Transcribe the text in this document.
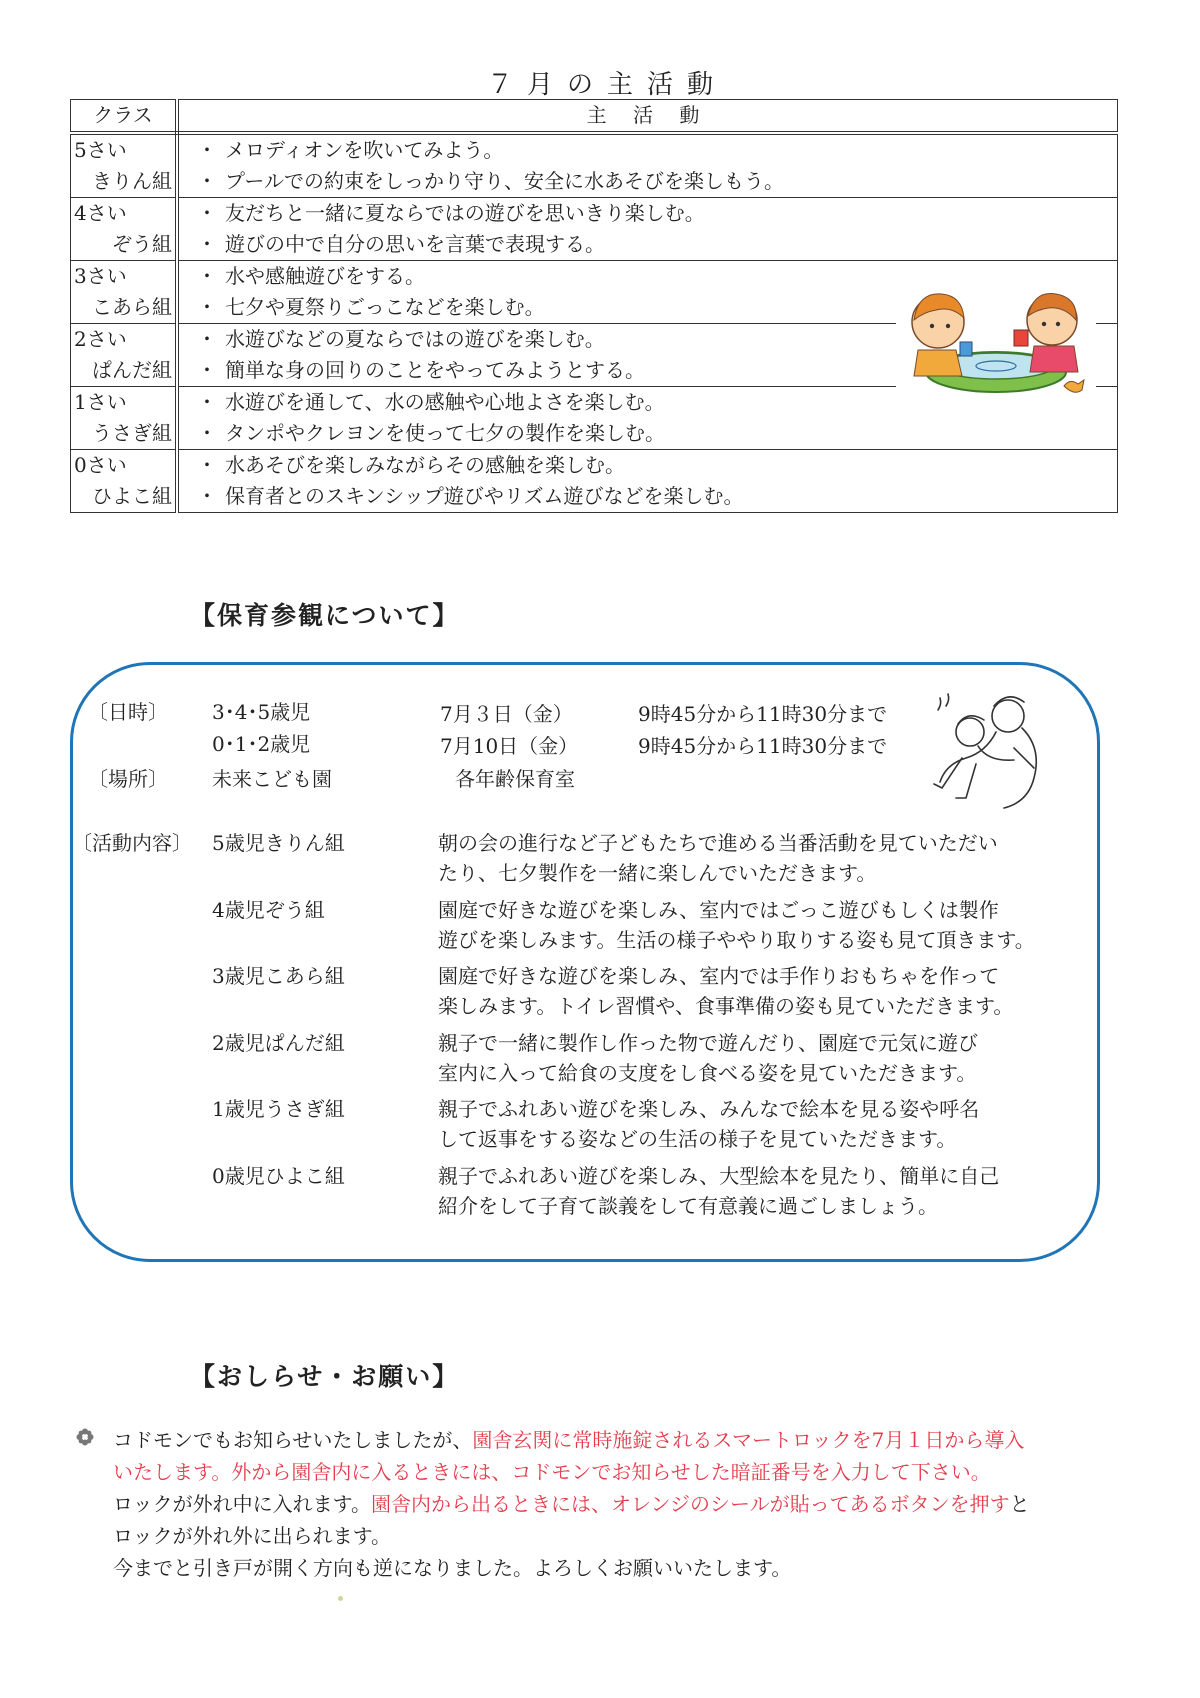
７月の主活動
クラス	主 活 動

5さい
きりん組	・ メロディオンを吹いてみよう。
・ プールでの約束をしっかり守り、安全に水あそびを楽しもう。

4さい
ぞう組	・ 友だちと一緒に夏ならではの遊びを思いきり楽しむ。
・ 遊びの中で自分の思いを言葉で表現する。

3さい
こあら組	・ 水や感触遊びをする。
・ 七夕や夏祭りごっこなどを楽しむ。

2さい
ぱんだ組	・ 水遊びなどの夏ならではの遊びを楽しむ。
・ 簡単な身の回りのことをやってみようとする。

1さい
うさぎ組	・ 水遊びを通して、水の感触や心地よさを楽しむ。
・ タンポやクレヨンを使って七夕の製作を楽しむ。

0さい
ひよこ組	・ 水あそびを楽しみながらその感触を楽しむ。
・ 保育者とのスキンシップ遊びやリズム遊びなどを楽しむ。
【保育参観について】
〔日時〕 3･4･5歳児	7月３日（金）	9時45分から11時30分まで
0･1･2歳児	7月10日（金）	9時45分から11時30分まで
〔場所〕 未来こども園	各年齢保育室
〔活動内容〕 5歳児きりん組	朝の会の進行など子どもたちで進める当番活動を見ていただい
たり、七夕製作を一緒に楽しんでいただきます。
4歳児ぞう組	園庭で好きな遊びを楽しみ、室内ではごっこ遊びもしくは製作
遊びを楽しみます。生活の様子ややり取りする姿も見て頂きます。
3歳児こあら組	園庭で好きな遊びを楽しみ、室内では手作りおもちゃを作って
楽しみます。トイレ習慣や、食事準備の姿も見ていただきます。
2歳児ぱんだ組	親子で一緒に製作し作った物で遊んだり、園庭で元気に遊び
室内に入って給食の支度をし食べる姿を見ていただきます。
1歳児うさぎ組	親子でふれあい遊びを楽しみ、みんなで絵本を見る姿や呼名
して返事をする姿などの生活の様子を見ていただきます。
0歳児ひよこ組	親子でふれあい遊びを楽しみ、大型絵本を見たり、簡単に自己
紹介をして子育て談義をして有意義に過ごしましょう。
【おしらせ・お願い】
コドモンでもお知らせいたしましたが、園舎玄関に常時施錠されるスマートロックを7月１日から導入
いたします。外から園舎内に入るときには、コドモンでお知らせした暗証番号を入力して下さい。
ロックが外れ中に入れます。園舎内から出るときには、オレンジのシールが貼ってあるボタンを押すと
ロックが外れ外に出られます。
今までと引き戸が開く方向も逆になりました。よろしくお願いいたします。
